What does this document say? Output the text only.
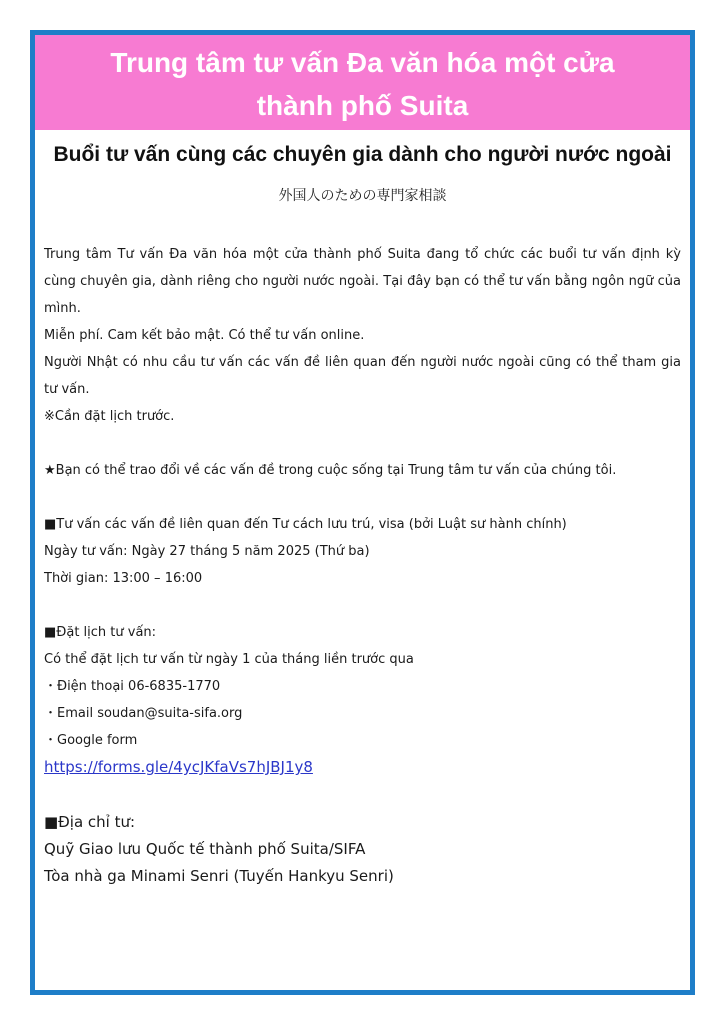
Trung tâm tư vấn Đa văn hóa một cửa
thành phố Suita
Buổi tư vấn cùng các chuyên gia dành cho người nước ngoài
外国人のための専門家相談

Trung tâm Tư vấn Đa văn hóa một cửa thành phố Suita đang tổ chức các buổi tư vấn định kỳ cùng chuyên gia, dành riêng cho người nước ngoài. Tại đây bạn có thể tư vấn bằng ngôn ngữ của mình.

Miễn phí. Cam kết bảo mật. Có thể tư vấn online.

Người Nhật có nhu cầu tư vấn các vấn đề liên quan đến người nước ngoài cũng có thể tham gia tư vấn.

※Cần đặt lịch trước.

★Bạn có thể trao đổi về các vấn đề trong cuộc sống tại Trung tâm tư vấn của chúng tôi.

■Tư vấn các vấn đề liên quan đến Tư cách lưu trú, visa (bởi Luật sư hành chính)

Ngày tư vấn: Ngày 27 tháng 5 năm 2025 (Thứ ba)

Thời gian: 13:00 – 16:00

■Đặt lịch tư vấn:

Có thể đặt lịch tư vấn từ ngày 1 của tháng liền trước qua

・Điện thoại 06-6835-1770

・Email soudan@suita-sifa.org

・Google form

https://forms.gle/4ycJKfaVs7hJBJ1y8

■Địa chỉ tư:

Quỹ Giao lưu Quốc tế thành phố Suita/SIFA

Tòa nhà ga Minami Senri (Tuyến Hankyu Senri)
